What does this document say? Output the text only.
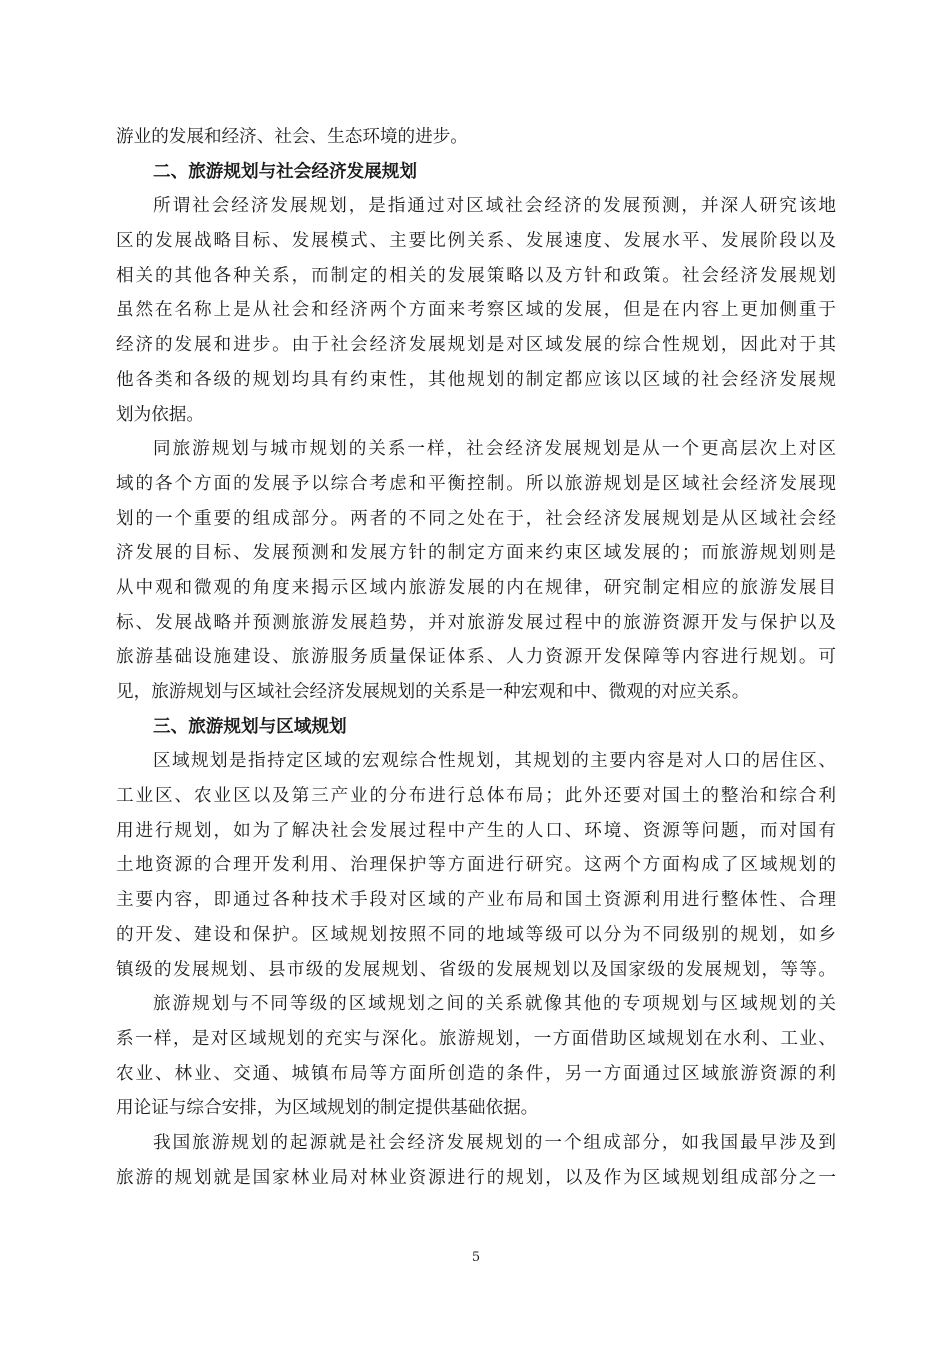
游业的发展和经济、社会、生态环境的进步。
二、旅游规划与社会经济发展规划
所谓社会经济发展规划，是指通过对区域社会经济的发展预测，并深人研究该地
区的发展战略目标、发展模式、主要比例关系、发展速度、发展水平、发展阶段以及
相关的其他各种关系，而制定的相关的发展策略以及方针和政策。社会经济发展规划
虽然在名称上是从社会和经济两个方面来考察区域的发展，但是在内容上更加侧重于
经济的发展和进步。由于社会经济发展规划是对区域发展的综合性规划，因此对于其
他各类和各级的规划均具有约束性，其他规划的制定都应该以区域的社会经济发展规
划为依据。
同旅游规划与城市规划的关系一样，社会经济发展规划是从一个更高层次上对区
域的各个方面的发展予以综合考虑和平衡控制。所以旅游规划是区域社会经济发展现
划的一个重要的组成部分。两者的不同之处在于，社会经济发展规划是从区域社会经
济发展的目标、发展预测和发展方针的制定方面来约束区域发展的；而旅游规划则是
从中观和微观的角度来揭示区域内旅游发展的内在规律，研究制定相应的旅游发展目
标、发展战略并预测旅游发展趋势，并对旅游发展过程中的旅游资源开发与保护以及
旅游基础设施建设、旅游服务质量保证体系、人力资源开发保障等内容进行规划。可
见，旅游规划与区域社会经济发展规划的关系是一种宏观和中、微观的对应关系。
三、旅游规划与区域规划
区域规划是指持定区域的宏观综合性规划，其规划的主要内容是对人口的居住区、
工业区、农业区以及第三产业的分布进行总体布局；此外还要对国土的整治和综合利
用进行规划，如为了解决社会发展过程中产生的人口、环境、资源等问题，而对国有
土地资源的合理开发利用、治理保护等方面进行研究。这两个方面构成了区域规划的
主要内容，即通过各种技术手段对区域的产业布局和国土资源利用进行整体性、合理
的开发、建设和保护。区域规划按照不同的地域等级可以分为不同级别的规划，如乡
镇级的发展规划、县市级的发展规划、省级的发展规划以及国家级的发展规划，等等。
旅游规划与不同等级的区域规划之间的关系就像其他的专项规划与区域规划的关
系一样，是对区域规划的充实与深化。旅游规划，一方面借助区域规划在水利、工业、
农业、林业、交通、城镇布局等方面所创造的条件，另一方面通过区域旅游资源的利
用论证与综合安排，为区域规划的制定提供基础依据。
我国旅游规划的起源就是社会经济发展规划的一个组成部分，如我国最早涉及到
旅游的规划就是国家林业局对林业资源进行的规划，以及作为区域规划组成部分之一
5
